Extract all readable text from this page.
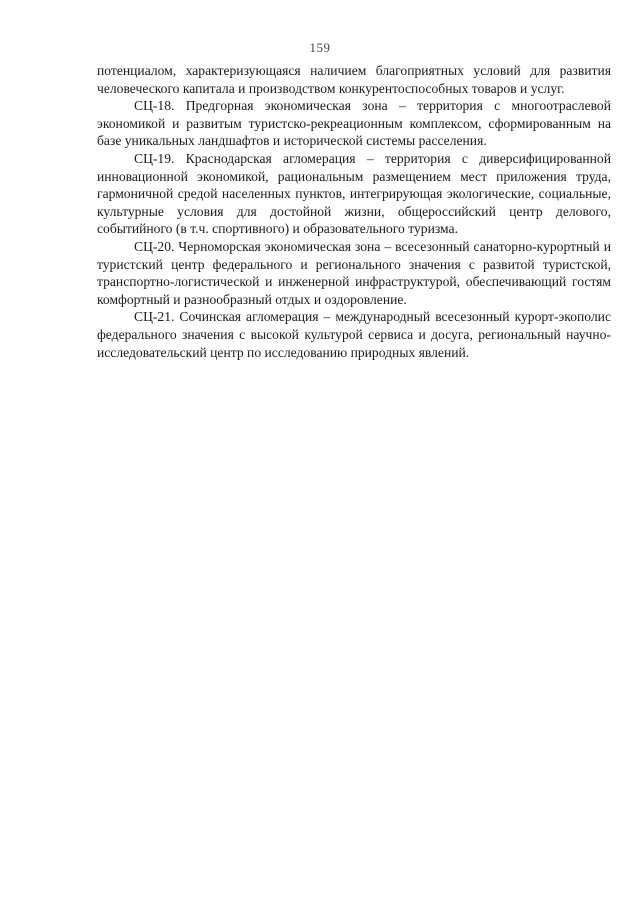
159

потенциалом, характеризующаяся наличием благоприятных условий для развития человеческого капитала и производством конкурентоспособных товаров и услуг.

СЦ-18. Предгорная экономическая зона – территория с многоотраслевой экономикой и развитым туристско-рекреационным комплексом, сформированным на базе уникальных ландшафтов и исторической системы расселения.

СЦ-19. Краснодарская агломерация – территория с диверсифицированной инновационной экономикой, рациональным размещением мест приложения труда, гармоничной средой населенных пунктов, интегрирующая экологические, социальные, культурные условия для достойной жизни, общероссийский центр делового, событийного (в т.ч. спортивного) и образовательного туризма.

СЦ-20. Черноморская экономическая зона – всесезонный санаторно-курортный и туристский центр федерального и регионального значения с развитой туристской, транспортно-логистической и инженерной инфраструктурой, обеспечивающий гостям комфортный и разнообразный отдых и оздоровление.

СЦ-21. Сочинская агломерация – международный всесезонный курорт-экополис федерального значения с высокой культурой сервиса и досуга, региональный научно-исследовательский центр по исследованию природных явлений.
